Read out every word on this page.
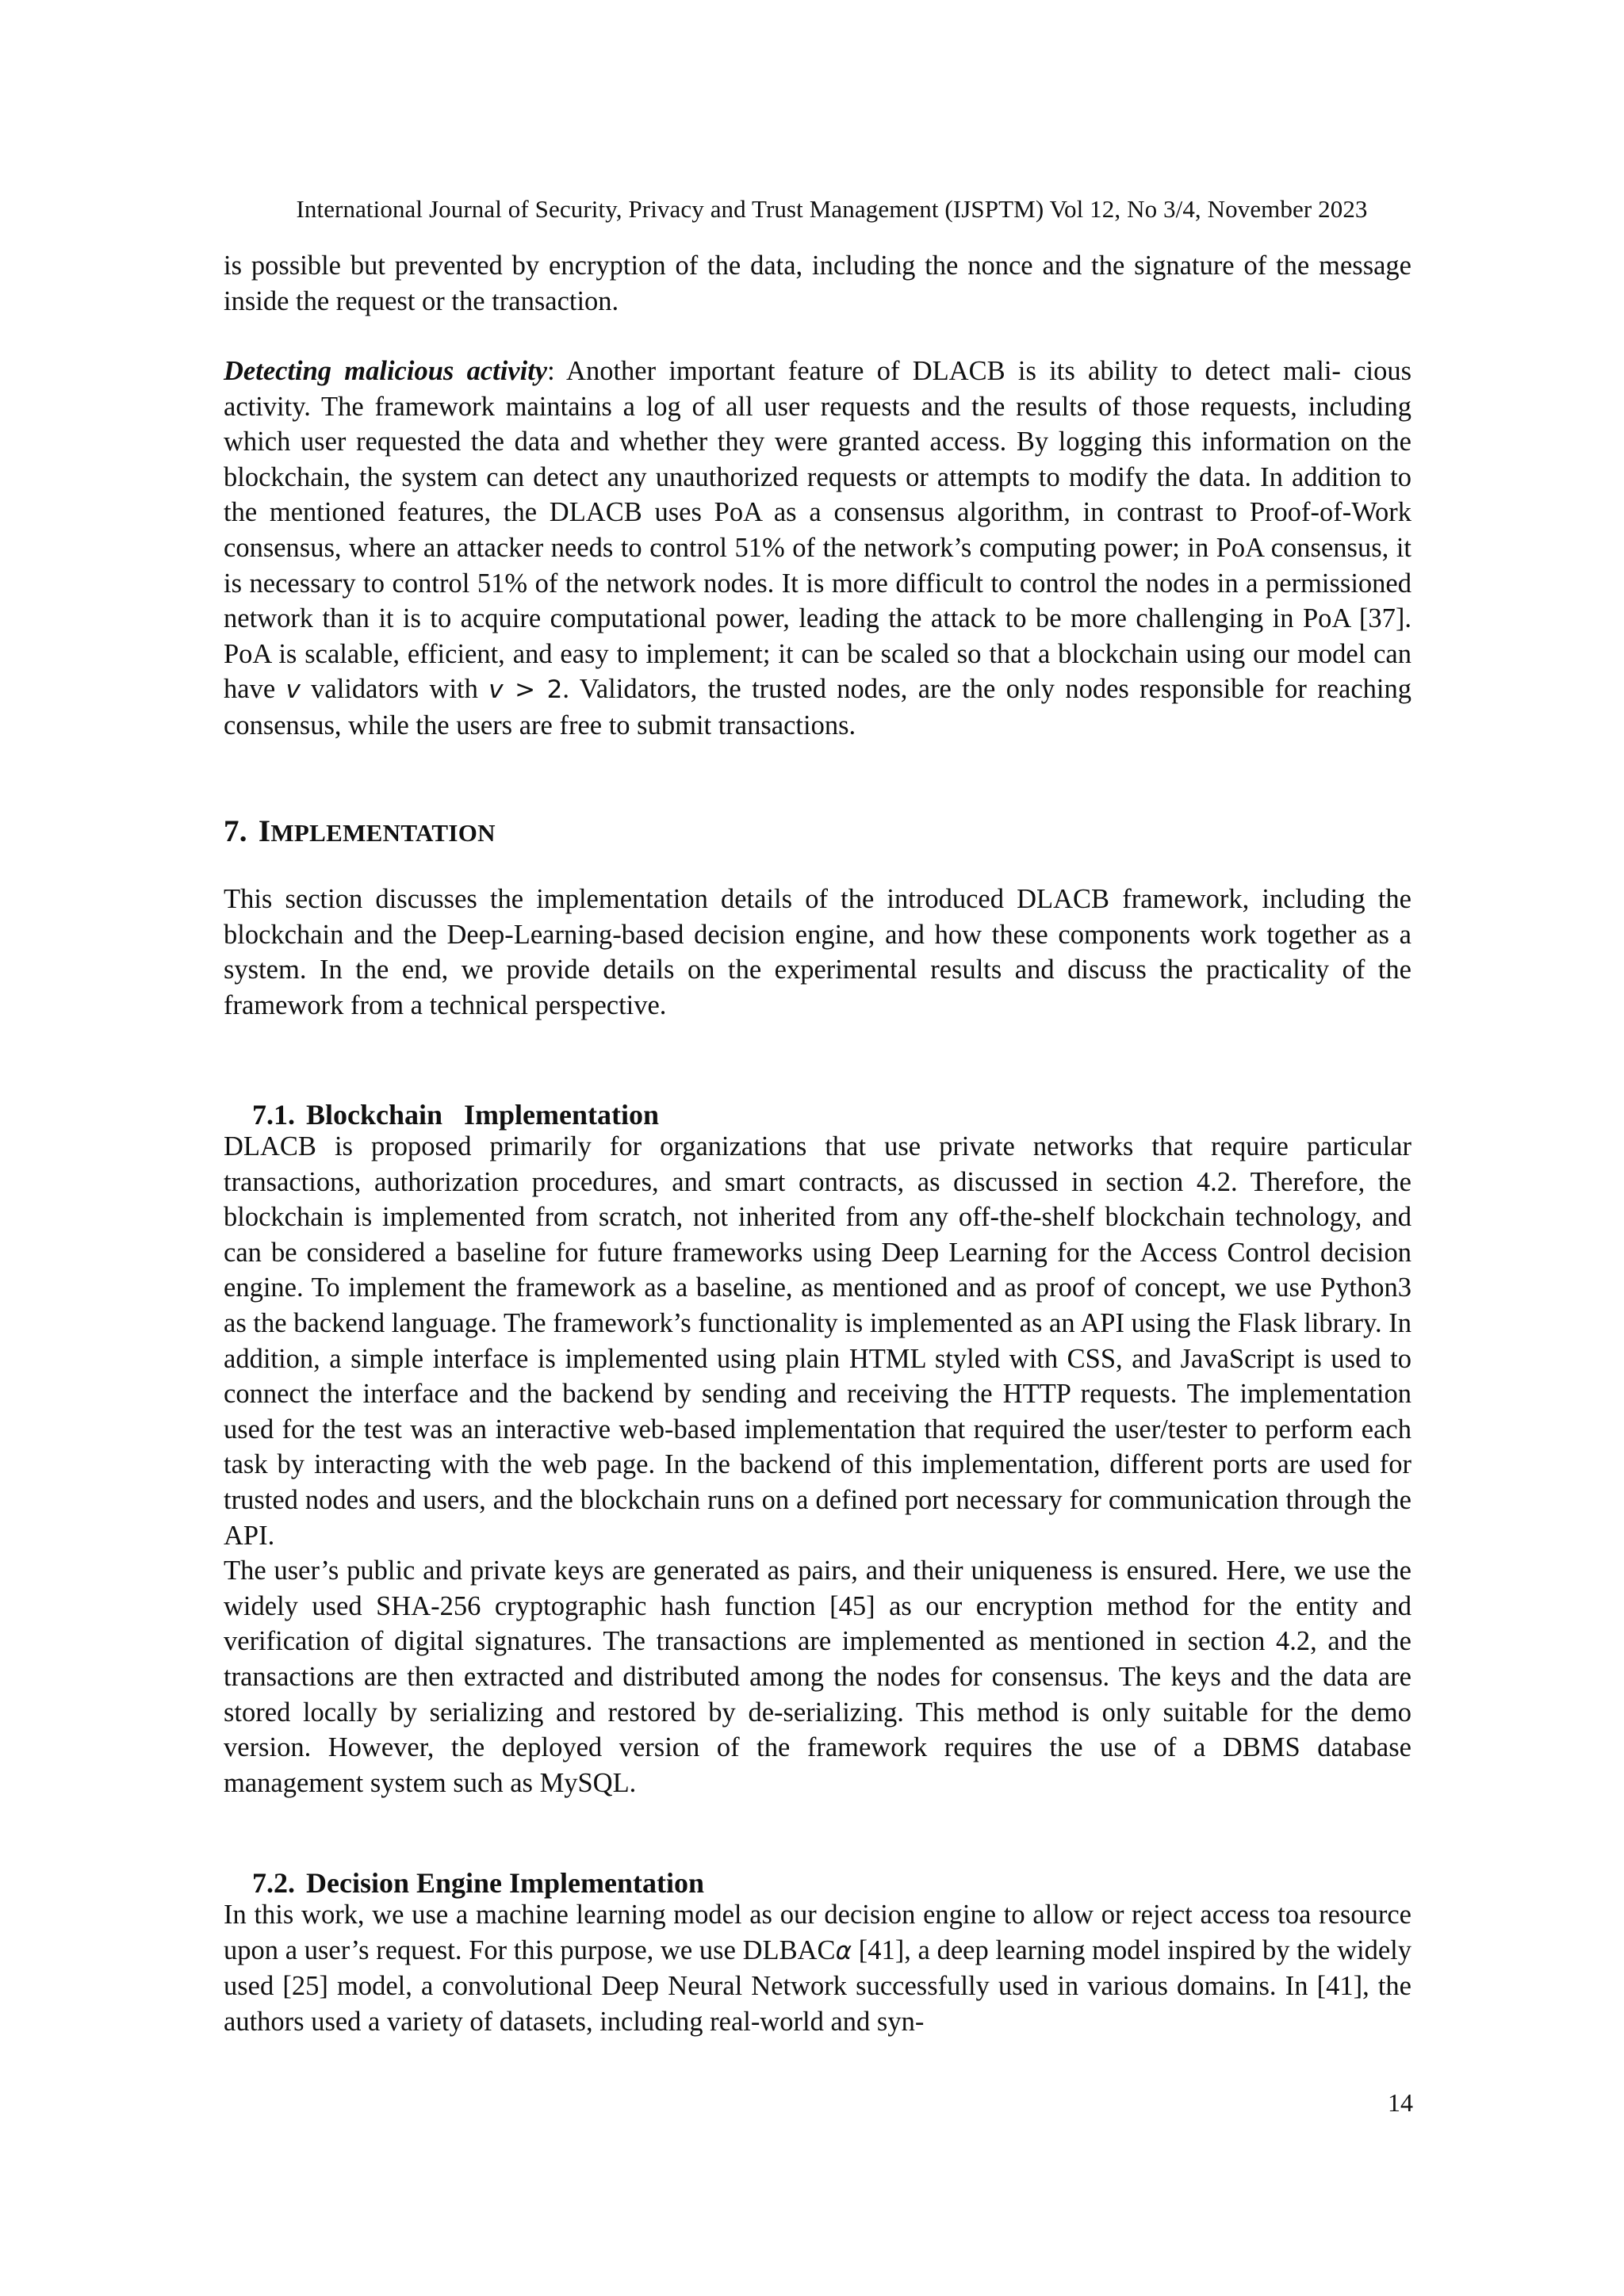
International Journal of Security, Privacy and Trust Management (IJSPTM) Vol 12, No 3/4, November 2023

is possible but prevented by encryption of the data, including the nonce and the signature of the message inside the request or the transaction.

Detecting malicious activity: Another important feature of DLACB is its ability to detect mali- cious activity. The framework maintains a log of all user requests and the results of those requests, including which user requested the data and whether they were granted access. By logging this information on the blockchain, the system can detect any unauthorized requests or attempts to modify the data. In addition to the mentioned features, the DLACB uses PoA as a consensus algorithm, in contrast to Proof-of-Work consensus, where an attacker needs to control 51% of the network’s computing power; in PoA consensus, it is necessary to control 51% of the network nodes. It is more difficult to control the nodes in a permissioned network than it is to acquire computational power, leading the attack to be more challenging in PoA [37]. PoA is scalable, efficient, and easy to implement; it can be scaled so that a blockchain using our model can have v validators with v > 2. Validators, the trusted nodes, are the only nodes responsible for reaching consensus, while the users are free to submit transactions.

7. IMPLEMENTATION

This section discusses the implementation details of the introduced DLACB framework, including the blockchain and the Deep-Learning-based decision engine, and how these components work together as a system. In the end, we provide details on the experimental results and discuss the practicality of the framework from a technical perspective.

7.1. Blockchain   Implementation

DLACB is proposed primarily for organizations that use private networks that require particular transactions, authorization procedures, and smart contracts, as discussed in section 4.2. Therefore, the blockchain is implemented from scratch, not inherited from any off-the-shelf blockchain technology, and can be considered a baseline for future frameworks using Deep Learning for the Access Control decision engine. To implement the framework as a baseline, as mentioned and as proof of concept, we use Python3 as the backend language. The framework’s functionality is implemented as an API using the Flask library. In addition, a simple interface is implemented using plain HTML styled with CSS, and JavaScript is used to connect the interface and the backend by sending and receiving the HTTP requests. The implementation used for the test was an interactive web-based implementation that required the user/tester to perform each task by interacting with the web page. In the backend of this implementation, different ports are used for trusted nodes and users, and the blockchain runs on a defined port necessary for communication through the API.

The user’s public and private keys are generated as pairs, and their uniqueness is ensured. Here, we use the widely used SHA-256 cryptographic hash function [45] as our encryption method for the entity and verification of digital signatures. The transactions are implemented as mentioned in section 4.2, and the transactions are then extracted and distributed among the nodes for consensus. The keys and the data are stored locally by serializing and restored by de-serializing. This method is only suitable for the demo version. However, the deployed version of the framework requires the use of a DBMS database management system such as MySQL.

7.2. Decision Engine Implementation

In this work, we use a machine learning model as our decision engine to allow or reject access toa resource upon a user’s request. For this purpose, we use DLBACα [41], a deep learning model inspired by the widely used [25] model, a convolutional Deep Neural Network successfully used in various domains. In [41], the authors used a variety of datasets, including real-world and syn-

14
